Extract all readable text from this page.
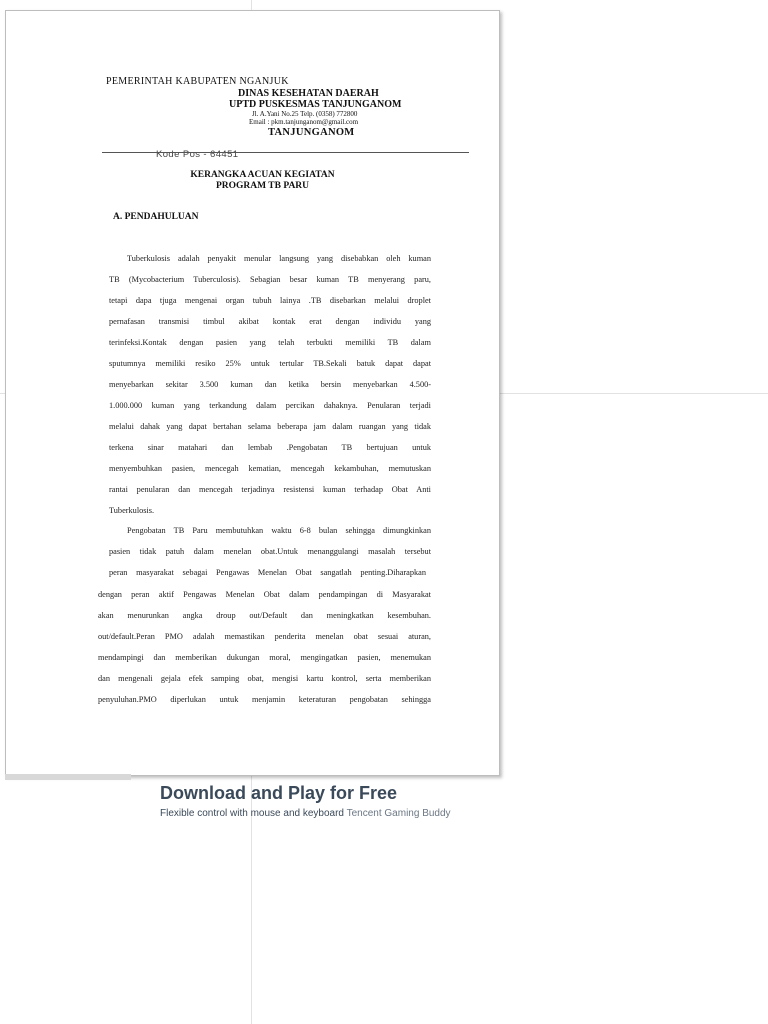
PEMERINTAH KABUPATEN NGANJUK
DINAS KESEHATAN DAERAH
UPTD PUSKESMAS TANJUNGANOM
Jl. A.Yani No.25 Telp. (0358) 772800
Email : pkm.tanjunganom@gmail.com
TANJUNGANOM
Kode Pos - 64451
KERANGKA ACUAN KEGIATAN
PROGRAM TB PARU
A. PENDAHULUAN
Tuberkulosis adalah penyakit menular langsung yang disebabkan oleh kuman
TB (Mycobacterium Tuberculosis). Sebagian besar kuman TB menyerang paru,
tetapi dapa tjuga mengenai organ tubuh lainya .TB disebarkan melalui droplet
pernafasan transmisi timbul akibat kontak erat dengan individu yang
terinfeksi.Kontak dengan pasien yang telah terbukti memiliki TB dalam
sputumnya memiliki resiko 25% untuk tertular TB.Sekali batuk dapat dapat
menyebarkan sekitar 3.500 kuman dan ketika bersin menyebarkan 4.500-
1.000.000 kuman yang terkandung dalam percikan dahaknya. Penularan terjadi
melalui dahak yang dapat bertahan selama beberapa jam dalam ruangan yang tidak
terkena sinar matahari dan lembab .Pengobatan TB bertujuan untuk
menyembuhkan pasien, mencegah kematian, mencegah kekambuhan, memutuskan
rantai penularan dan mencegah terjadinya resistensi kuman terhadap Obat Anti
Tuberkulosis.
Pengobatan TB Paru membutuhkan waktu 6-8 bulan sehingga dimungkinkan
pasien tidak patuh dalam menelan obat.Untuk menanggulangi masalah tersebut
peran masyarakat sebagai Pengawas Menelan Obat sangatlah penting.Diharapkan
dengan peran aktif Pengawas Menelan Obat dalam pendampingan di Masyarakat
akan menurunkan angka droup out/Default dan meningkatkan kesembuhan.
out/default.Peran PMO adalah memastikan penderita menelan obat sesuai aturan,
mendampingi dan memberikan dukungan moral, mengingatkan pasien, menemukan
dan mengenali gejala efek samping obat, mengisi kartu kontrol, serta memberikan
penyuluhan.PMO diperlukan untuk menjamin keteraturan pengobatan sehingga
Download and Play for Free
Flexible control with mouse and keyboard Tencent Gaming Buddy
